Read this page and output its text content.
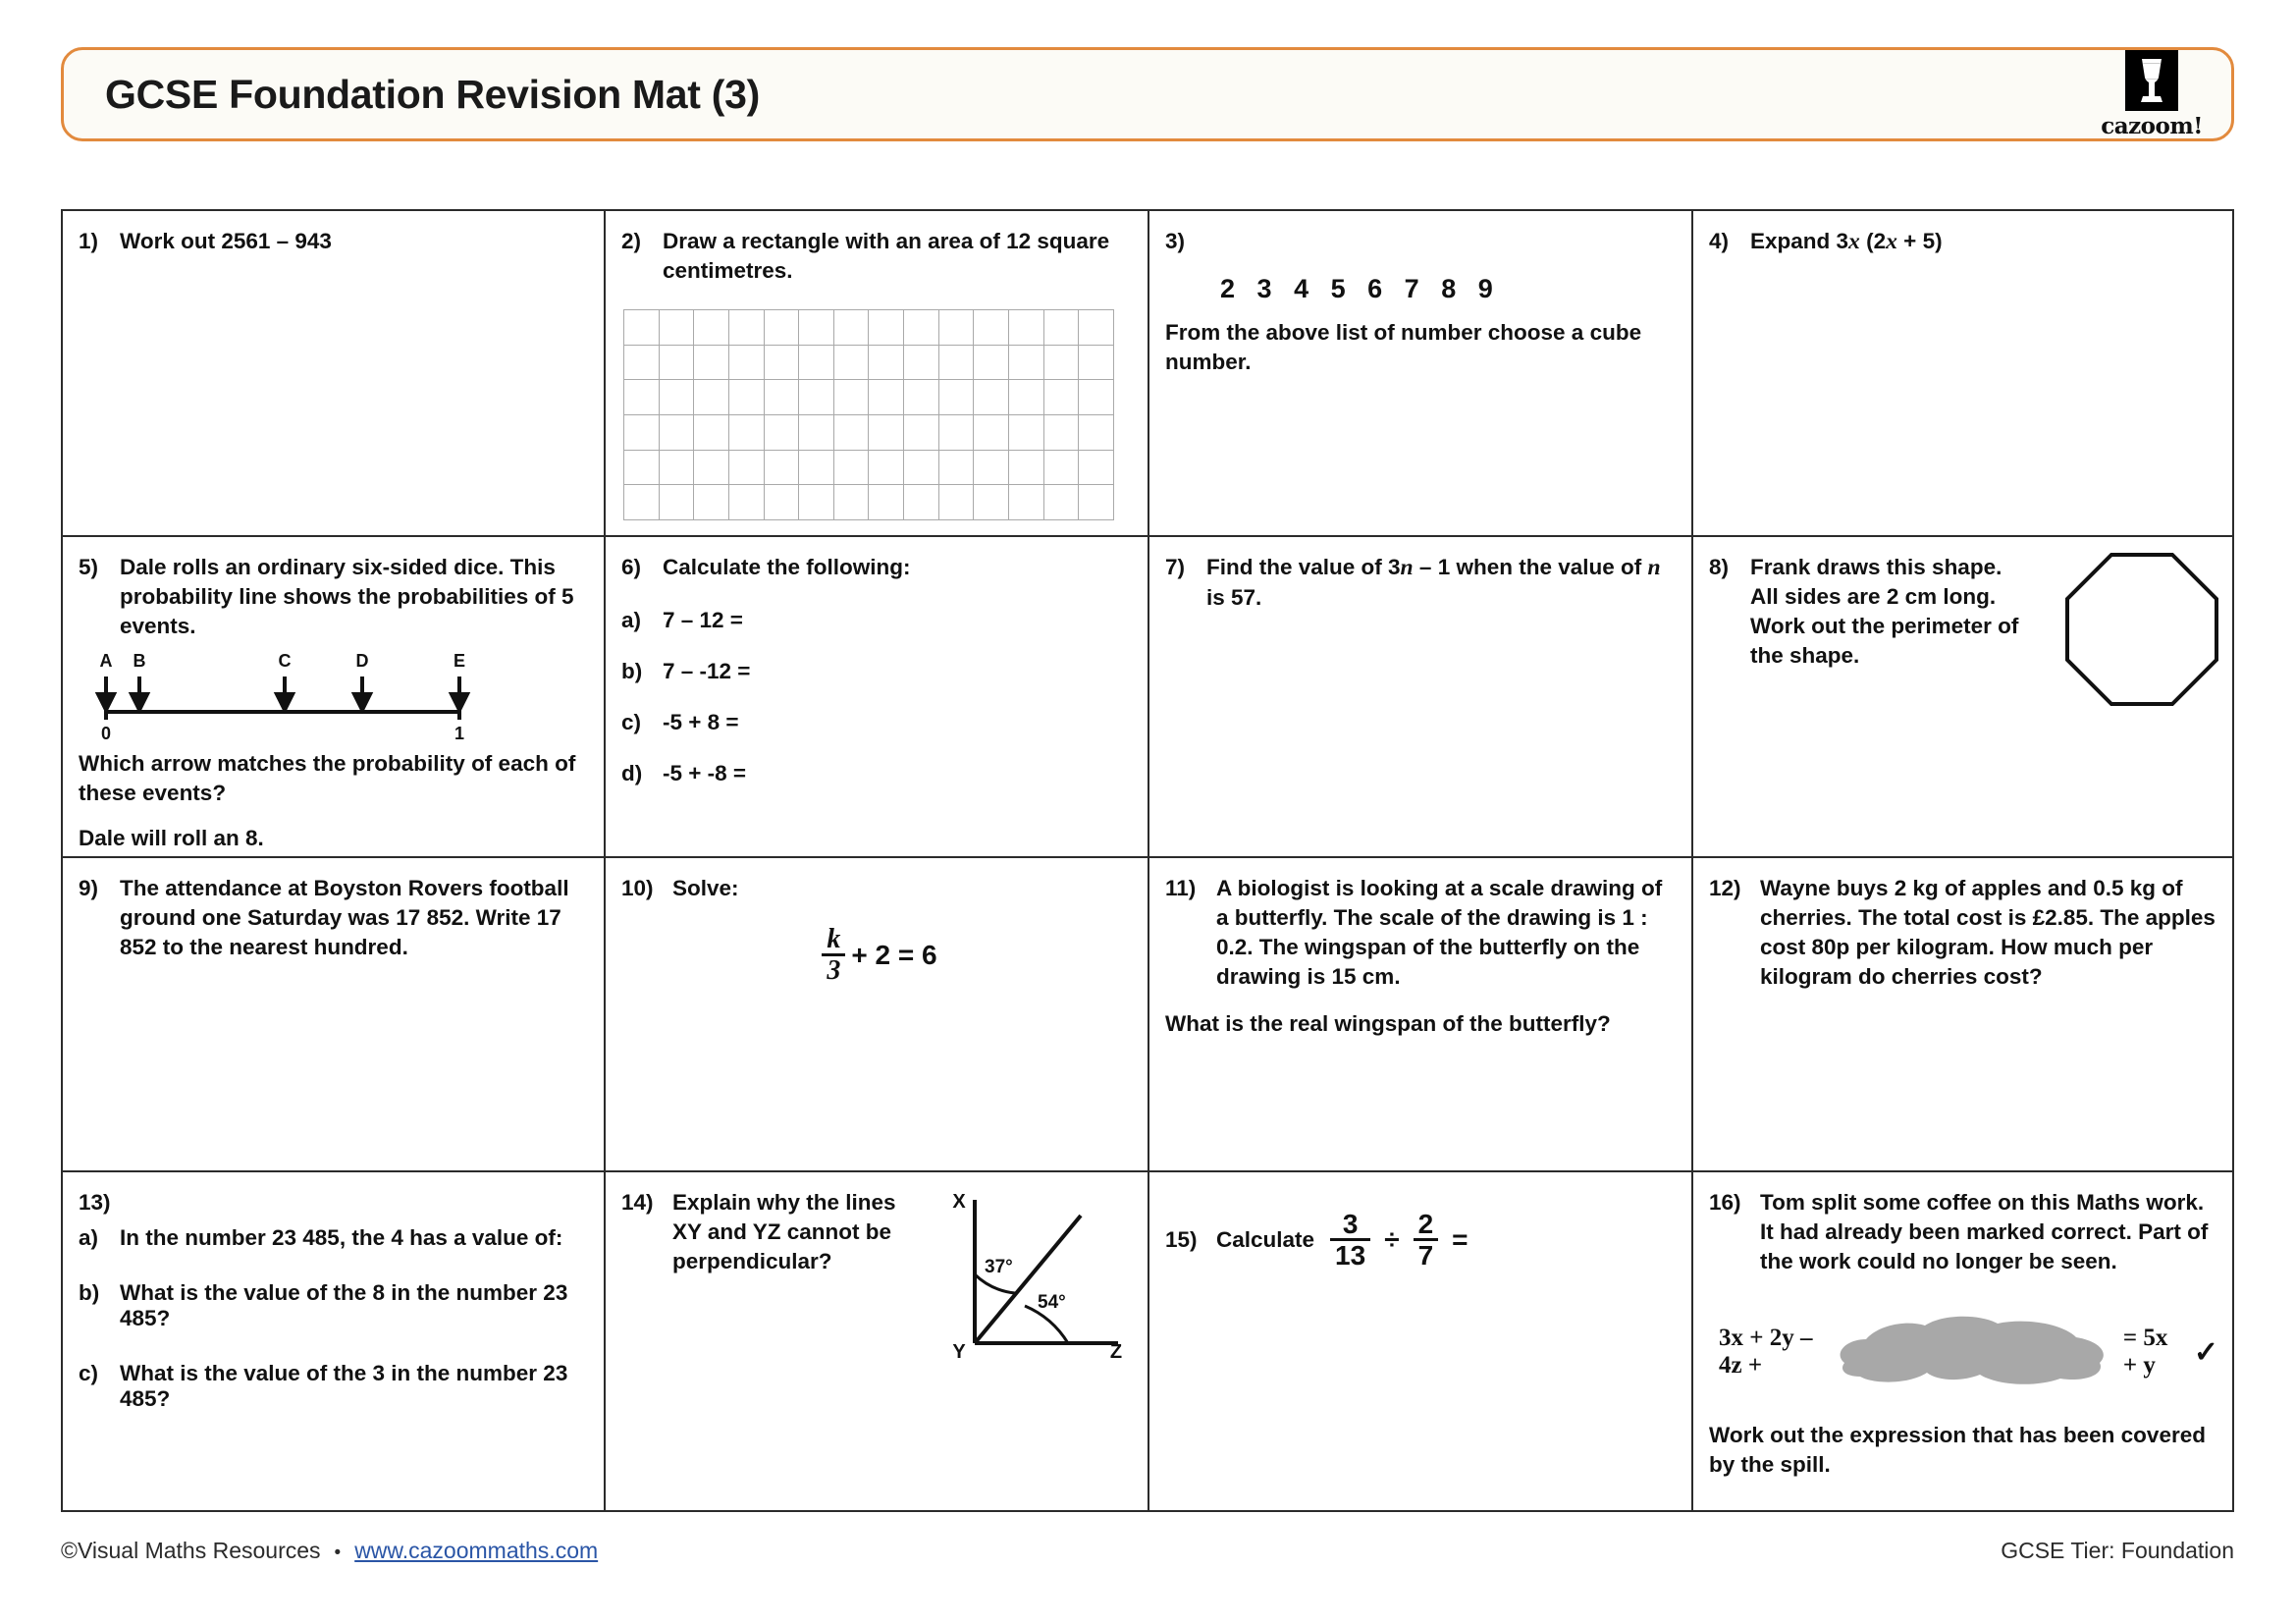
GCSE Foundation Revision Mat (3)
cazoom!
1) Work out 2561 – 943	2) Draw a rectangle with an area of 12 square centimetres.
3)
2 3 4 5 6 7 8 9
From the above list of number choose a cube number.
4) Expand 3x (2x + 5)
5) Dale rolls an ordinary six-sided dice. This probability line shows the probabilities of 5 events.
A B	C	D	E
0	1
Which arrow matches the probability of each of these events?
Dale will roll an 8.
6) Calculate the following:
a) 7 – 12 =
b) 7 – -12 =
c) -5 + 8 =
d) -5 + -8 =
7) Find the value of 3n – 1 when the value of n is 57.
8) Frank draws this shape. All sides are 2 cm long. Work out the perimeter of the shape.
9) The attendance at Boyston Rovers football ground one Saturday was 17 852. Write 17 852 to the nearest hundred.
10) Solve:
$\frac{k}{3} + 2 = 6$
11) A biologist is looking at a scale drawing of a butterfly. The scale of the drawing is 1 : 0.2. The wingspan of the butterfly on the drawing is 15 cm.
What is the real wingspan of the butterfly?
12) Wayne buys 2 kg of apples and 0.5 kg of cherries. The total cost is £2.85. The apples cost 80p per kilogram. How much per kilogram do cherries cost?
13)
a) In the number 23 485, the 4 has a value of:
b) What is the value of the 8 in the number 23 485?
c) What is the value of the 3 in the number 23 485?
14) Explain why the lines XY and YZ cannot be perpendicular?
X
Y	Z
37°
54°
15) Calculate $\frac{3}{13} \div \frac{2}{7}$ =
16) Tom split some coffee on this Maths work. It had already been marked correct. Part of the work could no longer be seen.
3x + 2y – 4z +
= 5x + y	✓
Work out the expression that has been covered by the spill.
©Visual Maths Resources • www.cazoommaths.com	GCSE Tier: Foundation
